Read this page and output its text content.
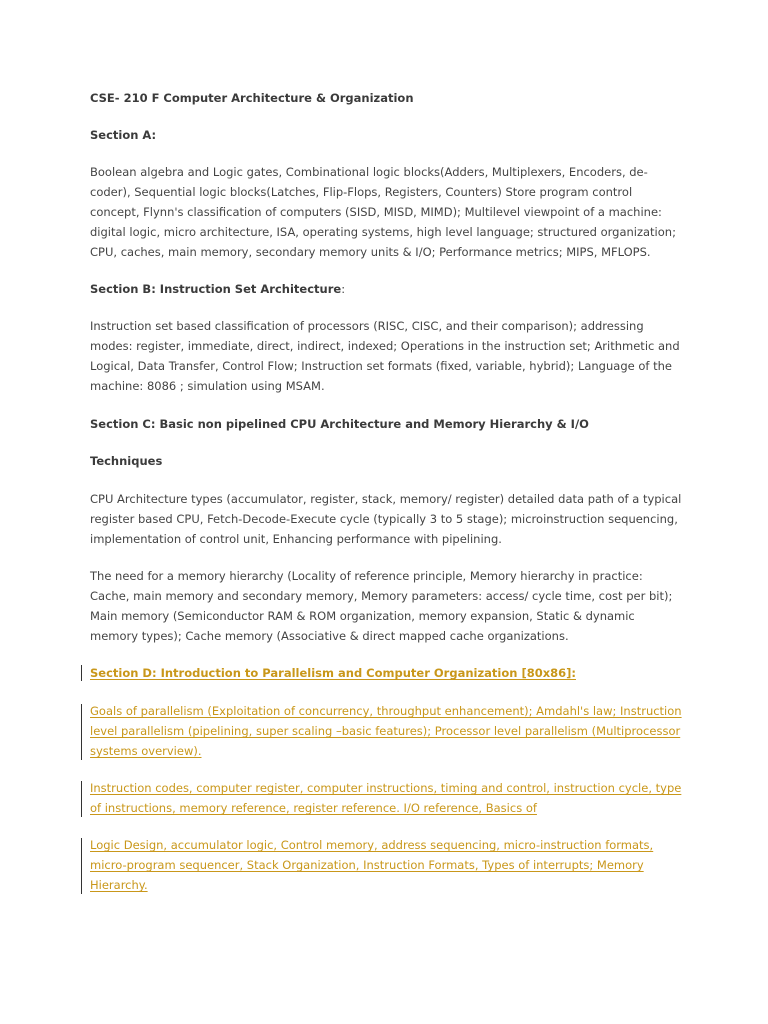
CSE- 210 F Computer Architecture & Organization

Section A:

Boolean algebra and Logic gates, Combinational logic blocks(Adders, Multiplexers, Encoders, de-
coder), Sequential logic blocks(Latches, Flip-Flops, Registers, Counters) Store program control
concept, Flynn's classification of computers (SISD, MISD, MIMD); Multilevel viewpoint of a machine:
digital logic, micro architecture, ISA, operating systems, high level language; structured organization;
CPU, caches, main memory, secondary memory units & I/O; Performance metrics; MIPS, MFLOPS.

Section B: Instruction Set Architecture:

Instruction set based classification of processors (RISC, CISC, and their comparison); addressing
modes: register, immediate, direct, indirect, indexed; Operations in the instruction set; Arithmetic and
Logical, Data Transfer, Control Flow; Instruction set formats (fixed, variable, hybrid); Language of the
machine: 8086 ; simulation using MSAM.

Section C: Basic non pipelined CPU Architecture and Memory Hierarchy & I/O

Techniques

CPU Architecture types (accumulator, register, stack, memory/ register) detailed data path of a typical
register based CPU, Fetch-Decode-Execute cycle (typically 3 to 5 stage); microinstruction sequencing,
implementation of control unit, Enhancing performance with pipelining.
The need for a memory hierarchy (Locality of reference principle, Memory hierarchy in practice:
Cache, main memory and secondary memory, Memory parameters: access/ cycle time, cost per bit);
Main memory (Semiconductor RAM & ROM organization, memory expansion, Static & dynamic
memory types); Cache memory (Associative & direct mapped cache organizations.

Section D: Introduction to Parallelism and Computer Organization [80x86]:

Goals of parallelism (Exploitation of concurrency, throughput enhancement); Amdahl's law; Instruction
level parallelism (pipelining, super scaling –basic features); Processor level parallelism (Multiprocessor
systems overview).
Instruction codes, computer register, computer instructions, timing and control, instruction cycle, type
of instructions, memory reference, register reference. I/O reference, Basics of
Logic Design, accumulator logic, Control memory, address sequencing, micro-instruction formats,
micro-program sequencer, Stack Organization, Instruction Formats, Types of interrupts; Memory
Hierarchy.
